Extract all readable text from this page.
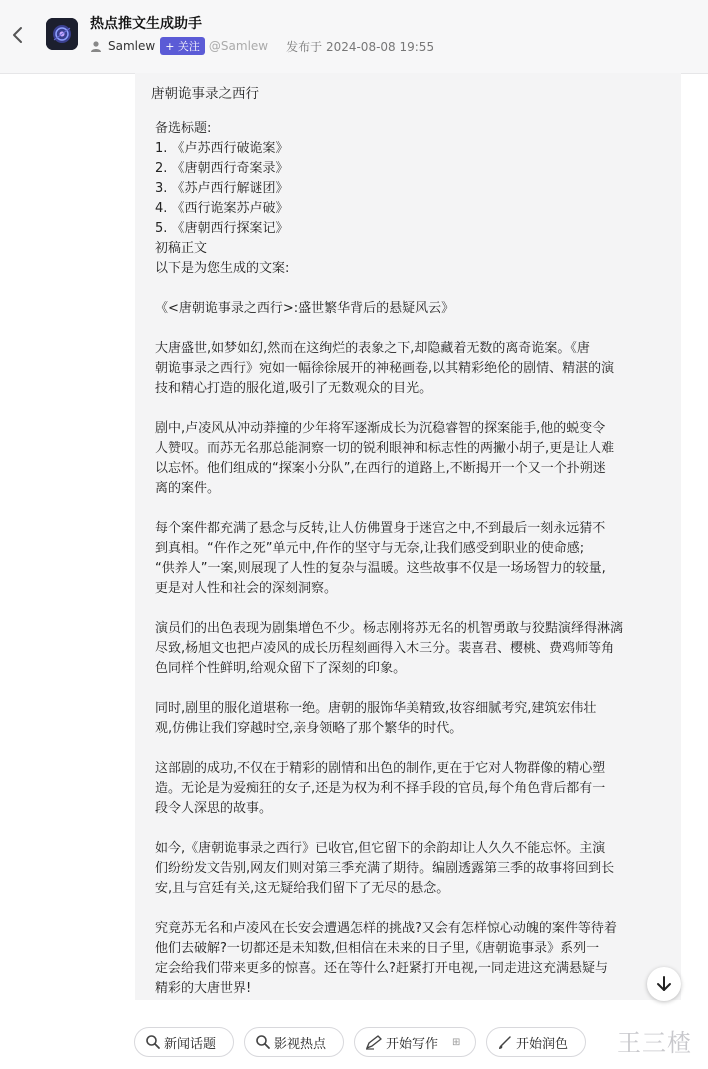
热点推文生成助手
Samlew + 关注 @Samlew 发布于 2024-08-08 19:55
唐朝诡事录之西行
备选标题:
1. 《卢苏西行破诡案》
2. 《唐朝西行奇案录》
3. 《苏卢西行解谜团》
4. 《西行诡案苏卢破》
5. 《唐朝西行探案记》
初稿正文
以下是为您生成的文案:
《<唐朝诡事录之西行>:盛世繁华背后的悬疑风云》
大唐盛世,如梦如幻,然而在这绚烂的表象之下,却隐藏着无数的离奇诡案。《唐
朝诡事录之西行》宛如一幅徐徐展开的神秘画卷,以其精彩绝伦的剧情、精湛的演
技和精心打造的服化道,吸引了无数观众的目光。
剧中,卢凌风从冲动莽撞的少年将军逐渐成长为沉稳睿智的探案能手,他的蜕变令
人赞叹。而苏无名那总能洞察一切的锐利眼神和标志性的两撇小胡子,更是让人难
以忘怀。他们组成的“探案小分队”,在西行的道路上,不断揭开一个又一个扑朔迷
离的案件。
每个案件都充满了悬念与反转,让人仿佛置身于迷宫之中,不到最后一刻永远猜不
到真相。“仵作之死”单元中,仵作的坚守与无奈,让我们感受到职业的使命感;
“供养人”一案,则展现了人性的复杂与温暖。这些故事不仅是一场场智力的较量,
更是对人性和社会的深刻洞察。
演员们的出色表现为剧集增色不少。杨志刚将苏无名的机智勇敢与狡黠演绎得淋漓
尽致,杨旭文也把卢凌风的成长历程刻画得入木三分。裴喜君、樱桃、费鸡师等角
色同样个性鲜明,给观众留下了深刻的印象。
同时,剧里的服化道堪称一绝。唐朝的服饰华美精致,妆容细腻考究,建筑宏伟壮
观,仿佛让我们穿越时空,亲身领略了那个繁华的时代。
这部剧的成功,不仅在于精彩的剧情和出色的制作,更在于它对人物群像的精心塑
造。无论是为爱痴狂的女子,还是为权为利不择手段的官员,每个角色背后都有一
段令人深思的故事。
如今,《唐朝诡事录之西行》已收官,但它留下的余韵却让人久久不能忘怀。主演
们纷纷发文告别,网友们则对第三季充满了期待。编剧透露第三季的故事将回到长
安,且与宫廷有关,这无疑给我们留下了无尽的悬念。
究竟苏无名和卢凌风在长安会遭遇怎样的挑战?又会有怎样惊心动魄的案件等待着
他们去破解?一切都还是未知数,但相信在未来的日子里,《唐朝诡事录》系列一
定会给我们带来更多的惊喜。还在等什么?赶紧打开电视,一同走进这充满悬疑与
精彩的大唐世界!
新闻话题	影视热点	开始写作 ⊞	开始润色 王三楂
